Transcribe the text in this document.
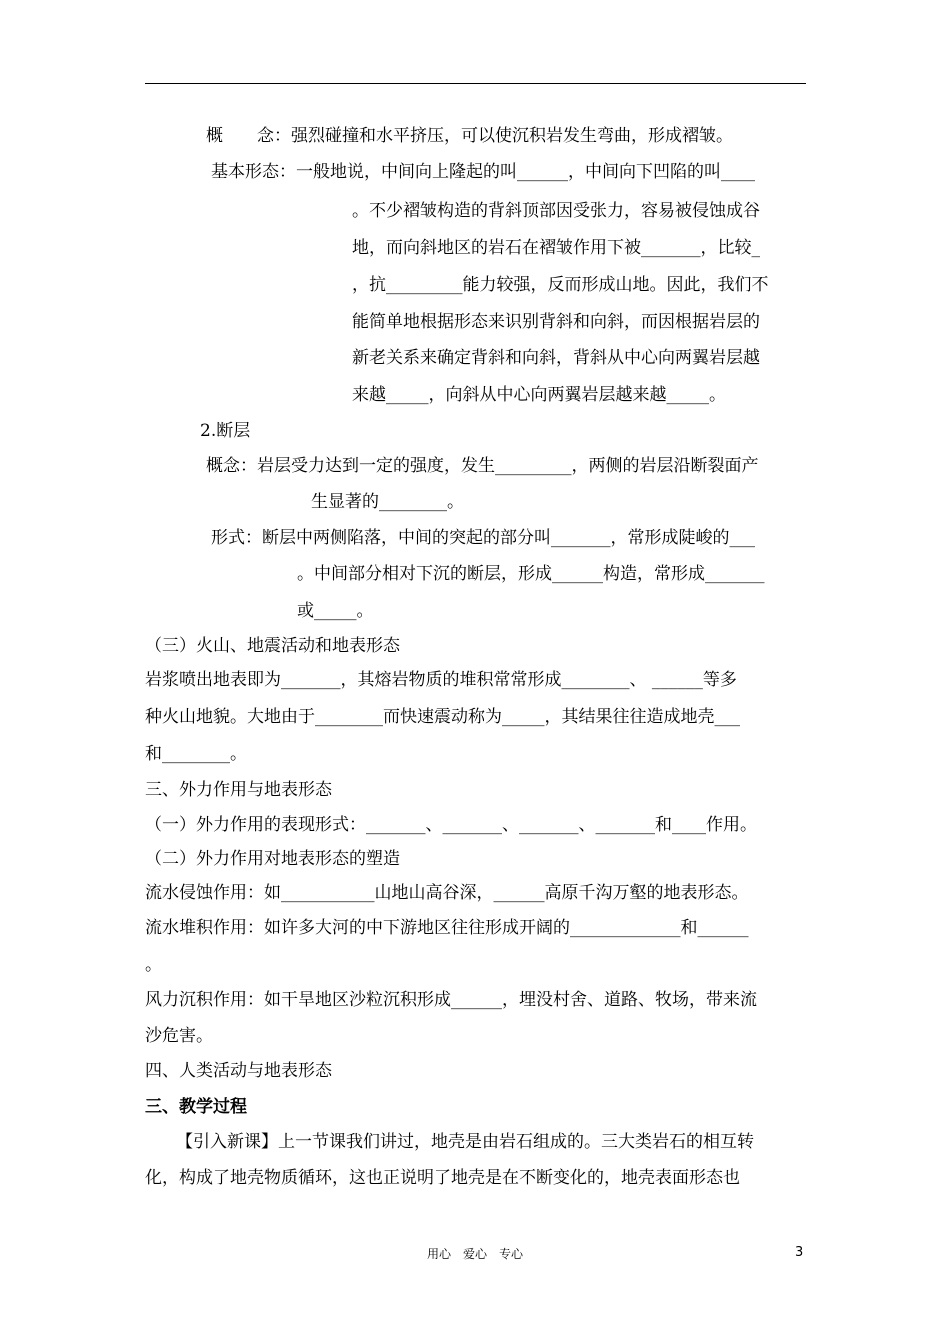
概　　念：强烈碰撞和水平挤压，可以使沉积岩发生弯曲，形成褶皱。
基本形态：一般地说，中间向上隆起的叫______，中间向下凹陷的叫____
。不少褶皱构造的背斜顶部因受张力，容易被侵蚀成谷
地，而向斜地区的岩石在褶皱作用下被_______，比较_
，抗_________能力较强，反而形成山地。因此，我们不
能简单地根据形态来识别背斜和向斜，而因根据岩层的
新老关系来确定背斜和向斜，背斜从中心向两翼岩层越
来越_____，向斜从中心向两翼岩层越来越_____。
2.断层
概念：岩层受力达到一定的强度，发生_________，两侧的岩层沿断裂面产
生显著的________。
形式：断层中两侧陷落，中间的突起的部分叫_______，常形成陡峻的___
。中间部分相对下沉的断层，形成______构造，常形成_______
或_____。
（三）火山、地震活动和地表形态
岩浆喷出地表即为_______，其熔岩物质的堆积常常形成________、 ______等多
种火山地貌。大地由于________而快速震动称为_____，其结果往往造成地壳___
和________。
三、外力作用与地表形态
（一）外力作用的表现形式：_______、_______、_______、_______和____作用。
（二）外力作用对地表形态的塑造
流水侵蚀作用：如___________山地山高谷深，______高原千沟万壑的地表形态。
流水堆积作用：如许多大河的中下游地区往往形成开阔的_____________和______
。
风力沉积作用：如干旱地区沙粒沉积形成______，埋没村舍、道路、牧场，带来流
沙危害。
四、人类活动与地表形态
三、教学过程
【引入新课】上一节课我们讲过，地壳是由岩石组成的。三大类岩石的相互转
化，构成了地壳物质循环，这也正说明了地壳是在不断变化的，地壳表面形态也
用心　爱心　专心	3
